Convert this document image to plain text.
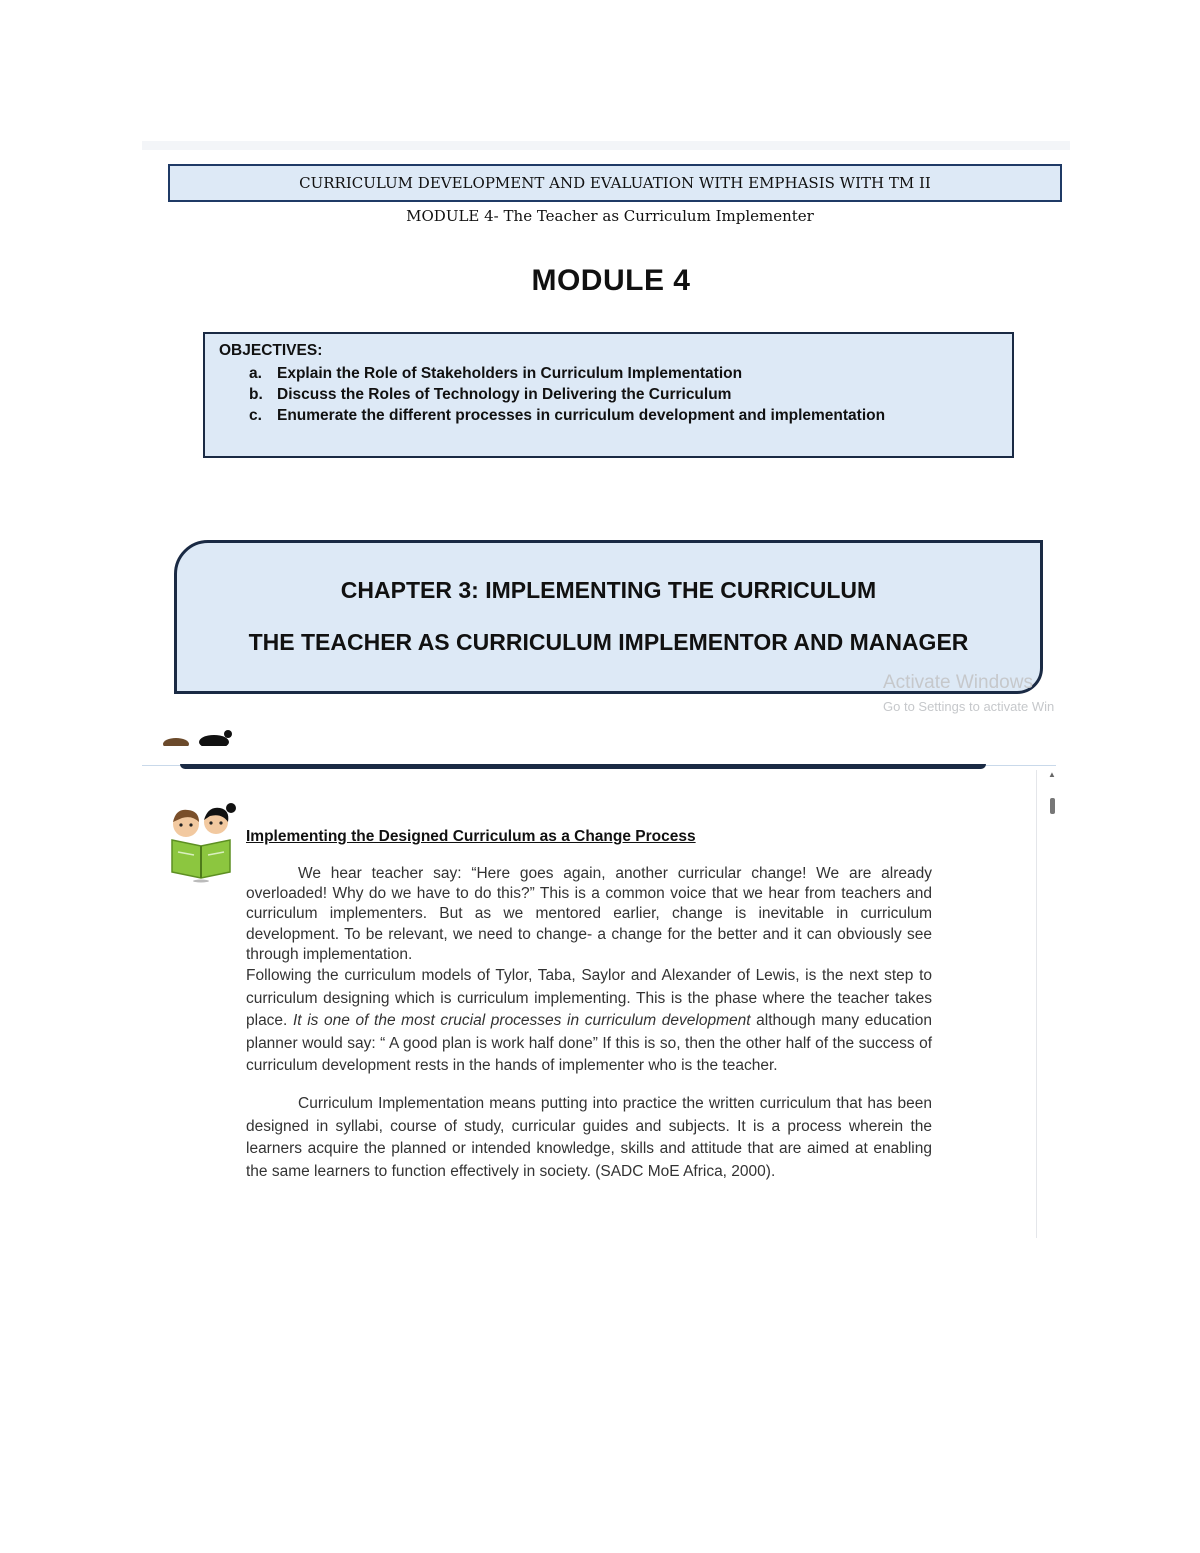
CURRICULUM DEVELOPMENT AND EVALUATION WITH EMPHASIS WITH TM II
MODULE 4- The Teacher as Curriculum Implementer
MODULE 4
OBJECTIVES:
a. Explain the Role of Stakeholders in Curriculum Implementation
b. Discuss the Roles of Technology in Delivering the Curriculum
c. Enumerate the different processes in curriculum development and implementation
CHAPTER 3: IMPLEMENTING THE CURRICULUM
THE TEACHER AS CURRICULUM IMPLEMENTOR AND MANAGER
Activate Windows
Go to Settings to activate Win
▲
Implementing the Designed Curriculum as a Change Process

We hear teacher say: “Here goes again, another curricular change! We are already overloaded! Why do we have to do this?” This is a common voice that we hear from teachers and curriculum implementers. But as we mentored earlier, change is inevitable in curriculum development. To be relevant, we need to change- a change for the better and it can obviously see through implementation.

Following the curriculum models of Tylor, Taba, Saylor and Alexander of Lewis, is the next step to curriculum designing which is curriculum implementing. This is the phase where the teacher takes place. It is one of the most crucial processes in curriculum development although many education planner would say: “ A good plan is work half done” If this is so, then the other half of the success of curriculum development rests in the hands of implementer who is the teacher.

Curriculum Implementation means putting into practice the written curriculum that has been designed in syllabi, course of study, curricular guides and subjects. It is a process wherein the learners acquire the planned or intended knowledge, skills and attitude that are aimed at enabling the same learners to function effectively in society. (SADC MoE Africa, 2000).
